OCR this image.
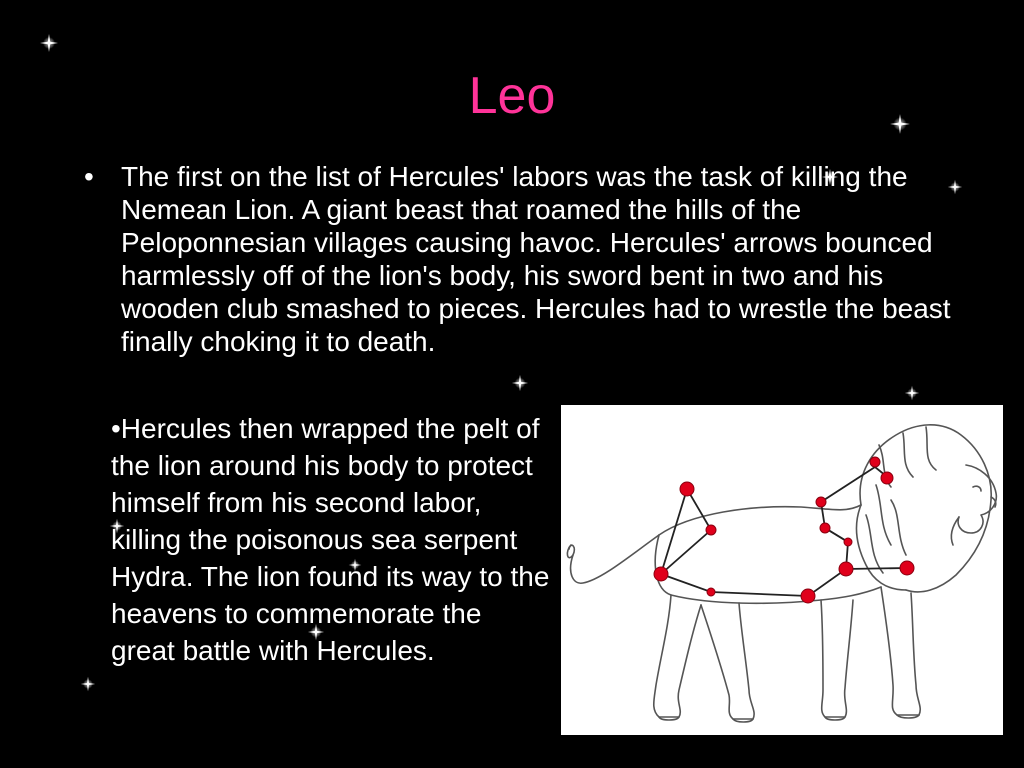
Leo
• The first on the list of Hercules' labors was the task of killing the Nemean Lion. A giant beast that roamed the hills of the Peloponnesian villages causing havoc. Hercules' arrows bounced harmlessly off of the lion's body, his sword bent in two and his wooden club smashed to pieces. Hercules had to wrestle the beast finally choking it to death.
•Hercules then wrapped the pelt of the lion around his body to protect himself from his second labor, killing the poisonous sea serpent Hydra. The lion found its way to the heavens to commemorate the great battle with Hercules.
